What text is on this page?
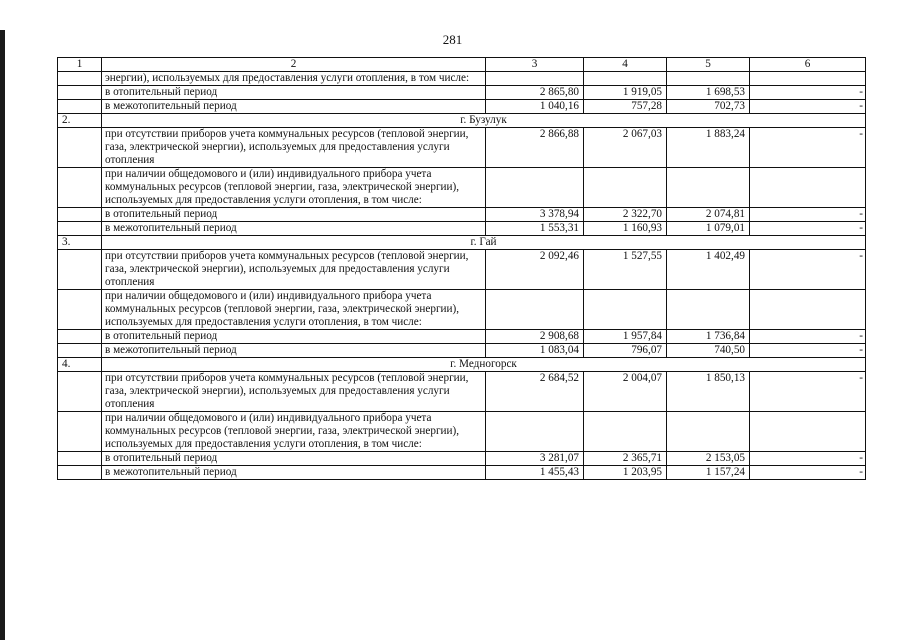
281
1	2	3	4	5	6
	энергии), используемых для предоставления услуги отопления, в том числе:				
	в отопительный период	2 865,80	1 919,05	1 698,53	-
	в межотопительный период	1 040,16	757,28	702,73	-
2.	г. Бузулук				
	при отсутствии приборов учета коммунальных ресурсов (тепловой энергии, газа, электрической энергии), используемых для предоставления услуги отопления	2 866,88	2 067,03	1 883,24	-
	при наличии общедомового и (или) индивидуального прибора учета коммунальных ресурсов (тепловой энергии, газа, электрической энергии), используемых для предоставления услуги отопления, в том числе:				
	в отопительный период	3 378,94	2 322,70	2 074,81	-
	в межотопительный период	1 553,31	1 160,93	1 079,01	-
3.	г. Гай				
	при отсутствии приборов учета коммунальных ресурсов (тепловой энергии, газа, электрической энергии), используемых для предоставления услуги отопления	2 092,46	1 527,55	1 402,49	-
	при наличии общедомового и (или) индивидуального прибора учета коммунальных ресурсов (тепловой энергии, газа, электрической энергии), используемых для предоставления услуги отопления, в том числе:				
	в отопительный период	2 908,68	1 957,84	1 736,84	-
	в межотопительный период	1 083,04	796,07	740,50	-
4.	г. Медногорск				
	при отсутствии приборов учета коммунальных ресурсов (тепловой энергии, газа, электрической энергии), используемых для предоставления услуги отопления	2 684,52	2 004,07	1 850,13	-
	при наличии общедомового и (или) индивидуального прибора учета коммунальных ресурсов (тепловой энергии, газа, электрической энергии), используемых для предоставления услуги отопления, в том числе:				
	в отопительный период	3 281,07	2 365,71	2 153,05	-
	в межотопительный период	1 455,43	1 203,95	1 157,24	-
